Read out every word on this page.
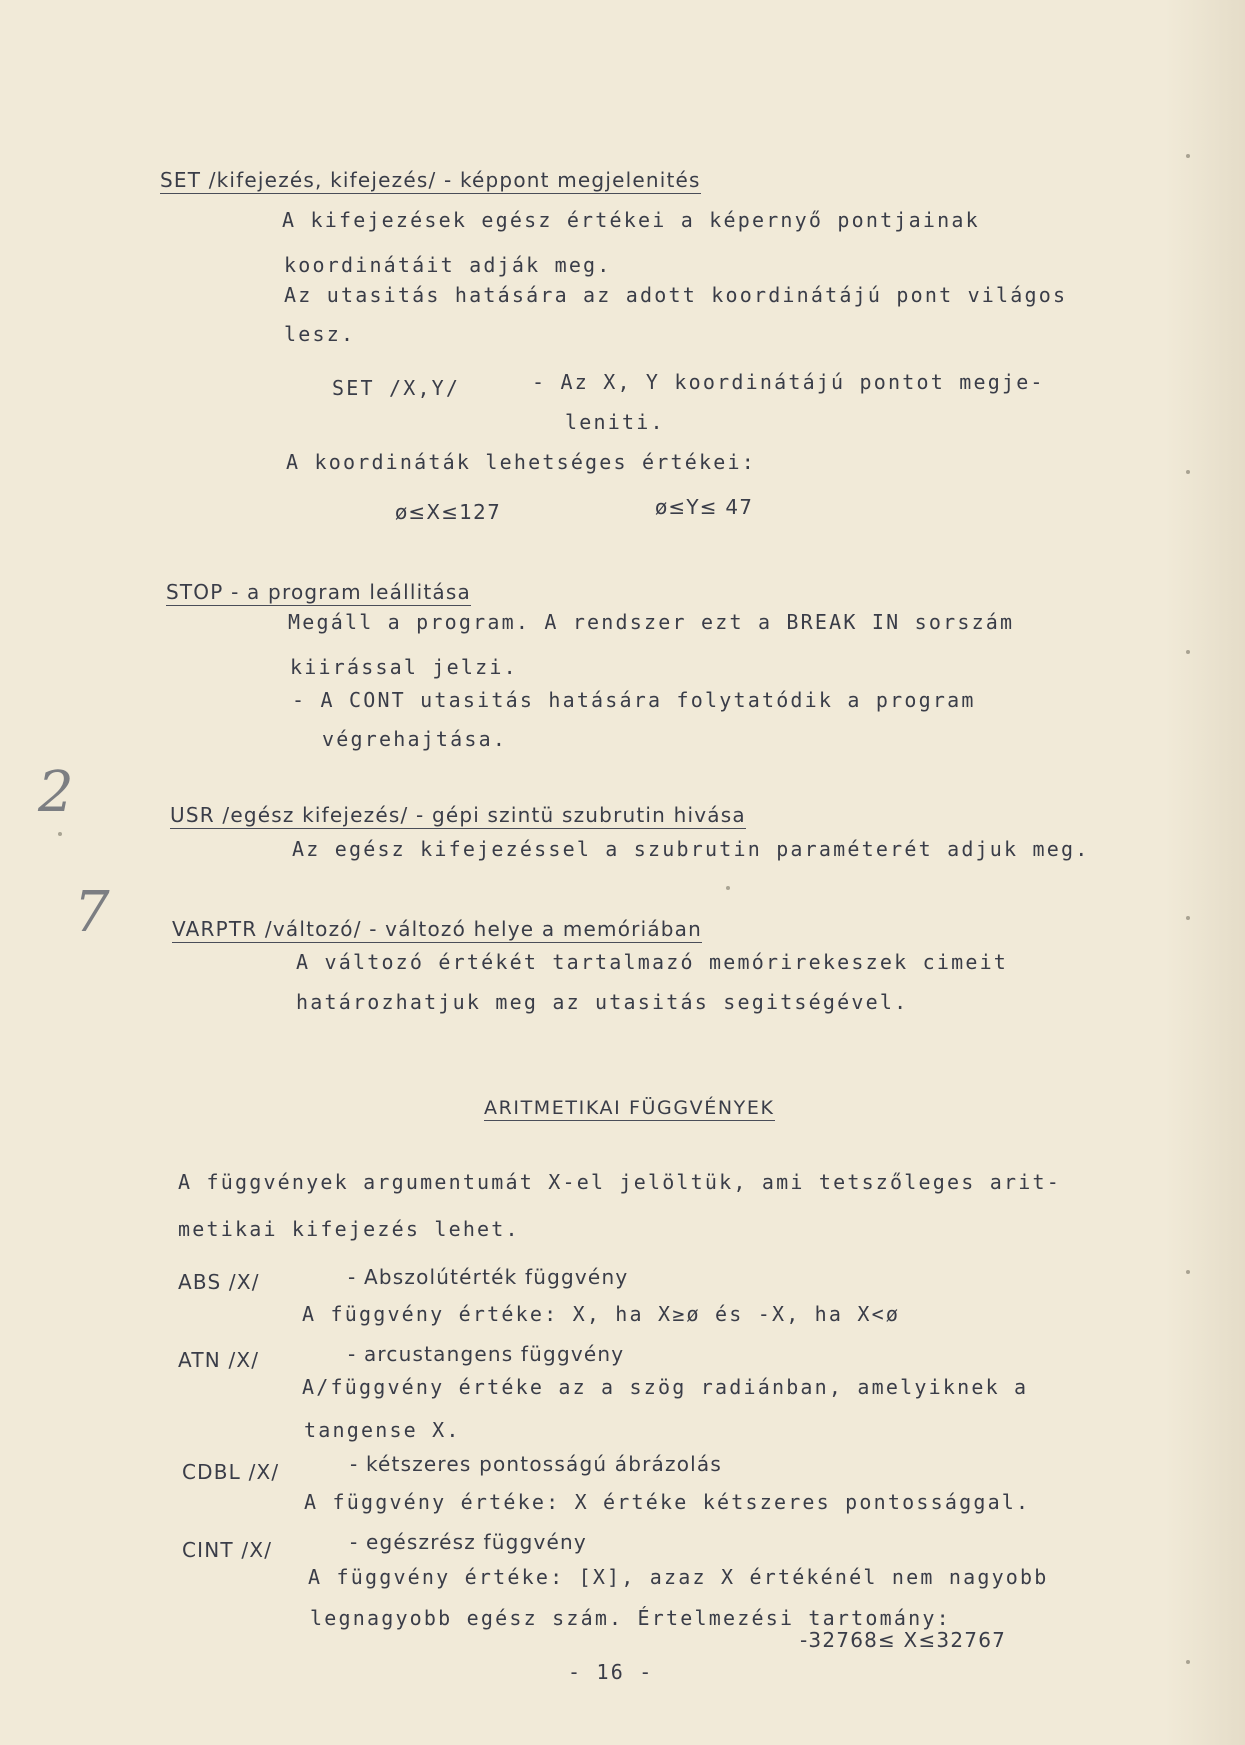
SET /kifejezés, kifejezés/ - képpont megjelenités
A kifejezések egész értékei a képernyő pontjainak
koordinátáit adják meg.
Az utasitás hatására az adott koordinátájú pont világos
lesz.
SET /X,Y/	- Az X, Y koordinátájú pontot megje-
leniti.
A koordináták lehetséges értékei:
ø≤X≤127	ø≤Y≤ 47
STOP - a program leállitása
Megáll a program. A rendszer ezt a BREAK IN sorszám
kiirással jelzi.
- A CONT utasitás hatására folytatódik a program
végrehajtása.
USR /egész kifejezés/ - gépi szintü szubrutin hivása
Az egész kifejezéssel a szubrutin paraméterét adjuk meg.
VARPTR /változó/ - változó helye a memóriában
A változó értékét tartalmazó memórirekeszek cimeit
határozhatjuk meg az utasitás segitségével.
ARITMETIKAI FÜGGVÉNYEK
A függvények argumentumát X-el jelöltük, ami tetszőleges arit-
metikai kifejezés lehet.
ABS /X/	- Abszolútérték függvény
A függvény értéke: X, ha X≥ø és -X, ha X<ø
ATN /X/	- arcustangens függvény
A/függvény értéke az a szög radiánban, amelyiknek a
tangense X.
CDBL /X/	- kétszeres pontosságú ábrázolás
A függvény értéke: X értéke kétszeres pontossággal.
CINT /X/	- egészrész függvény
A függvény értéke: [X], azaz X értékénél nem nagyobb
legnagyobb egész szám. Értelmezési tartomány:
-32768≤ X≤32767
- 16 -
2
7
